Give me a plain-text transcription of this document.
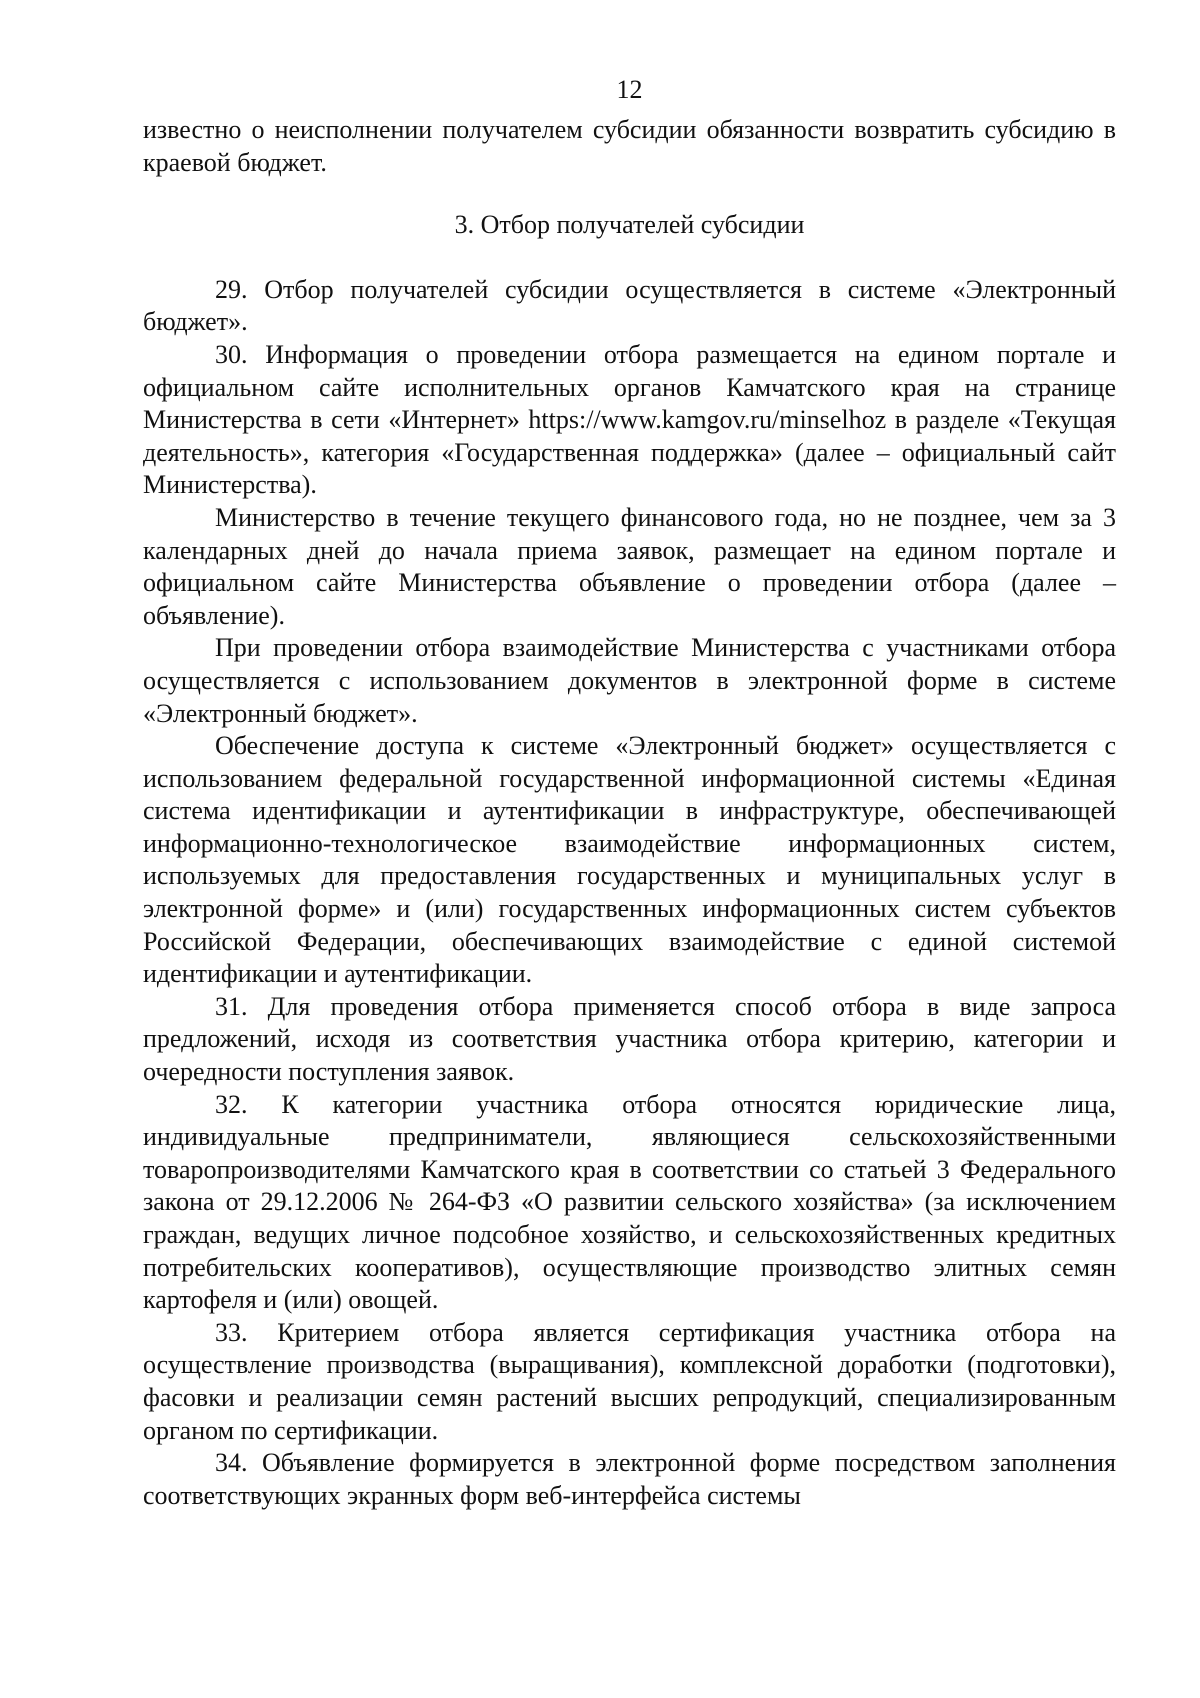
12

известно о неисполнении получателем субсидии обязанности возвратить субсидию в краевой бюджет.

3. Отбор получателей субсидии

29. Отбор получателей субсидии осуществляется в системе «Электронный бюджет».

30. Информация о проведении отбора размещается на едином портале и официальном сайте исполнительных органов Камчатского края на странице Министерства в сети «Интернет» https://www.kamgov.ru/minselhoz в разделе «Текущая деятельность», категория «Государственная поддержка» (далее – официальный сайт Министерства).

Министерство в течение текущего финансового года, но не позднее, чем за 3 календарных дней до начала приема заявок, размещает на едином портале и официальном сайте Министерства объявление о проведении отбора (далее – объявление).

При проведении отбора взаимодействие Министерства с участниками отбора осуществляется с использованием документов в электронной форме в системе «Электронный бюджет».

Обеспечение доступа к системе «Электронный бюджет» осуществляется с использованием федеральной государственной информационной системы «Единая система идентификации и аутентификации в инфраструктуре, обеспечивающей информационно-технологическое взаимодействие информационных систем, используемых для предоставления государственных и муниципальных услуг в электронной форме» и (или) государственных информационных систем субъектов Российской Федерации, обеспечивающих взаимодействие с единой системой идентификации и аутентификации.

31. Для проведения отбора применяется способ отбора в виде запроса предложений, исходя из соответствия участника отбора критерию, категории и очередности поступления заявок.

32. К категории участника отбора относятся юридические лица, индивидуальные предприниматели, являющиеся сельскохозяйственными товаропроизводителями Камчатского края в соответствии со статьей 3 Федерального закона от 29.12.2006 № 264-ФЗ «О развитии сельского хозяйства» (за исключением граждан, ведущих личное подсобное хозяйство, и сельскохозяйственных кредитных потребительских кооперативов), осуществляющие производство элитных семян картофеля и (или) овощей.

33. Критерием отбора является сертификация участника отбора на осуществление производства (выращивания), комплексной доработки (подготовки), фасовки и реализации семян растений высших репродукций, специализированным органом по сертификации.

34. Объявление формируется в электронной форме посредством заполнения соответствующих экранных форм веб-интерфейса системы
